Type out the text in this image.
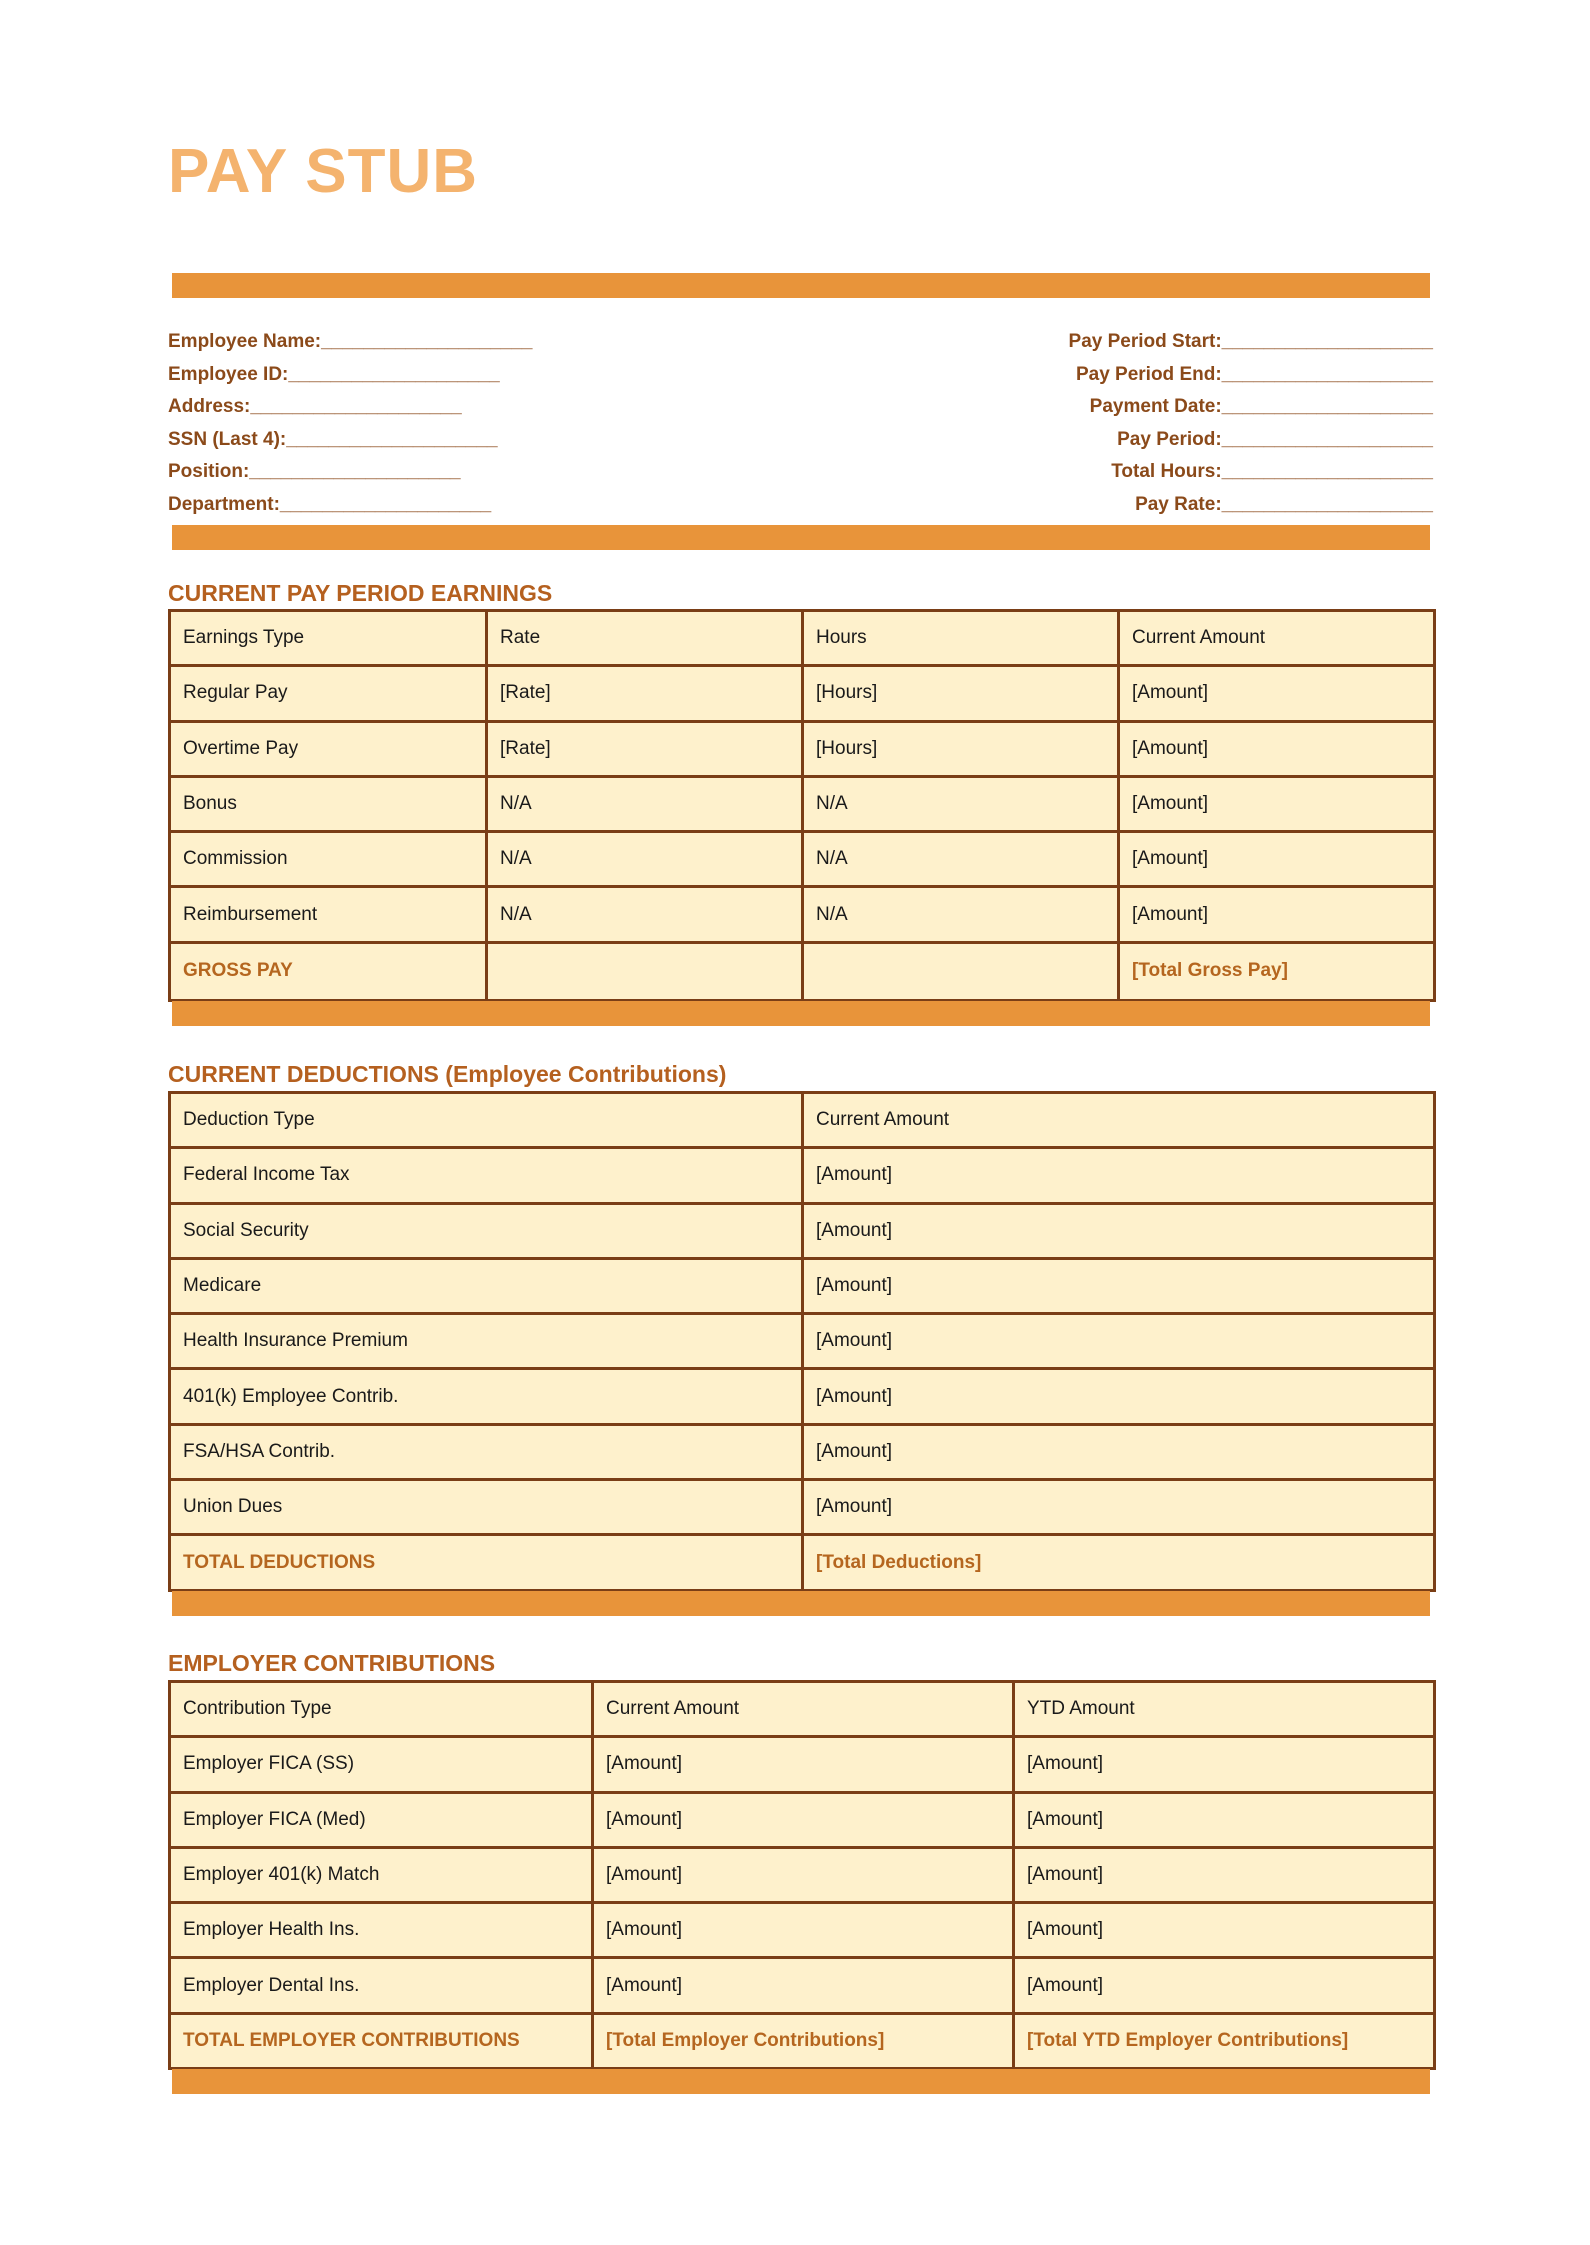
PAY STUB
Employee Name:____________________
Employee ID:____________________
Address:____________________
SSN (Last 4):____________________
Position:____________________
Department:____________________
Pay Period Start:____________________
Pay Period End:____________________
Payment Date:____________________
Pay Period:____________________
Total Hours:____________________
Pay Rate:____________________
CURRENT PAY PERIOD EARNINGS
Earnings Type	Rate	Hours	Current Amount
Regular Pay	[Rate]	[Hours]	[Amount]
Overtime Pay	[Rate]	[Hours]	[Amount]
Bonus	N/A	N/A	[Amount]
Commission	N/A	N/A	[Amount]
Reimbursement	N/A	N/A	[Amount]
GROSS PAY			[Total Gross Pay]
CURRENT DEDUCTIONS (Employee Contributions)
Deduction Type	Current Amount
Federal Income Tax	[Amount]
Social Security	[Amount]
Medicare	[Amount]
Health Insurance Premium	[Amount]
401(k) Employee Contrib.	[Amount]
FSA/HSA Contrib.	[Amount]
Union Dues	[Amount]
TOTAL DEDUCTIONS	[Total Deductions]
EMPLOYER CONTRIBUTIONS
Contribution Type	Current Amount	YTD Amount
Employer FICA (SS)	[Amount]	[Amount]
Employer FICA (Med)	[Amount]	[Amount]
Employer 401(k) Match	[Amount]	[Amount]
Employer Health Ins.	[Amount]	[Amount]
Employer Dental Ins.	[Amount]	[Amount]
TOTAL EMPLOYER CONTRIBUTIONS	[Total Employer Contributions]	[Total YTD Employer Contributions]
